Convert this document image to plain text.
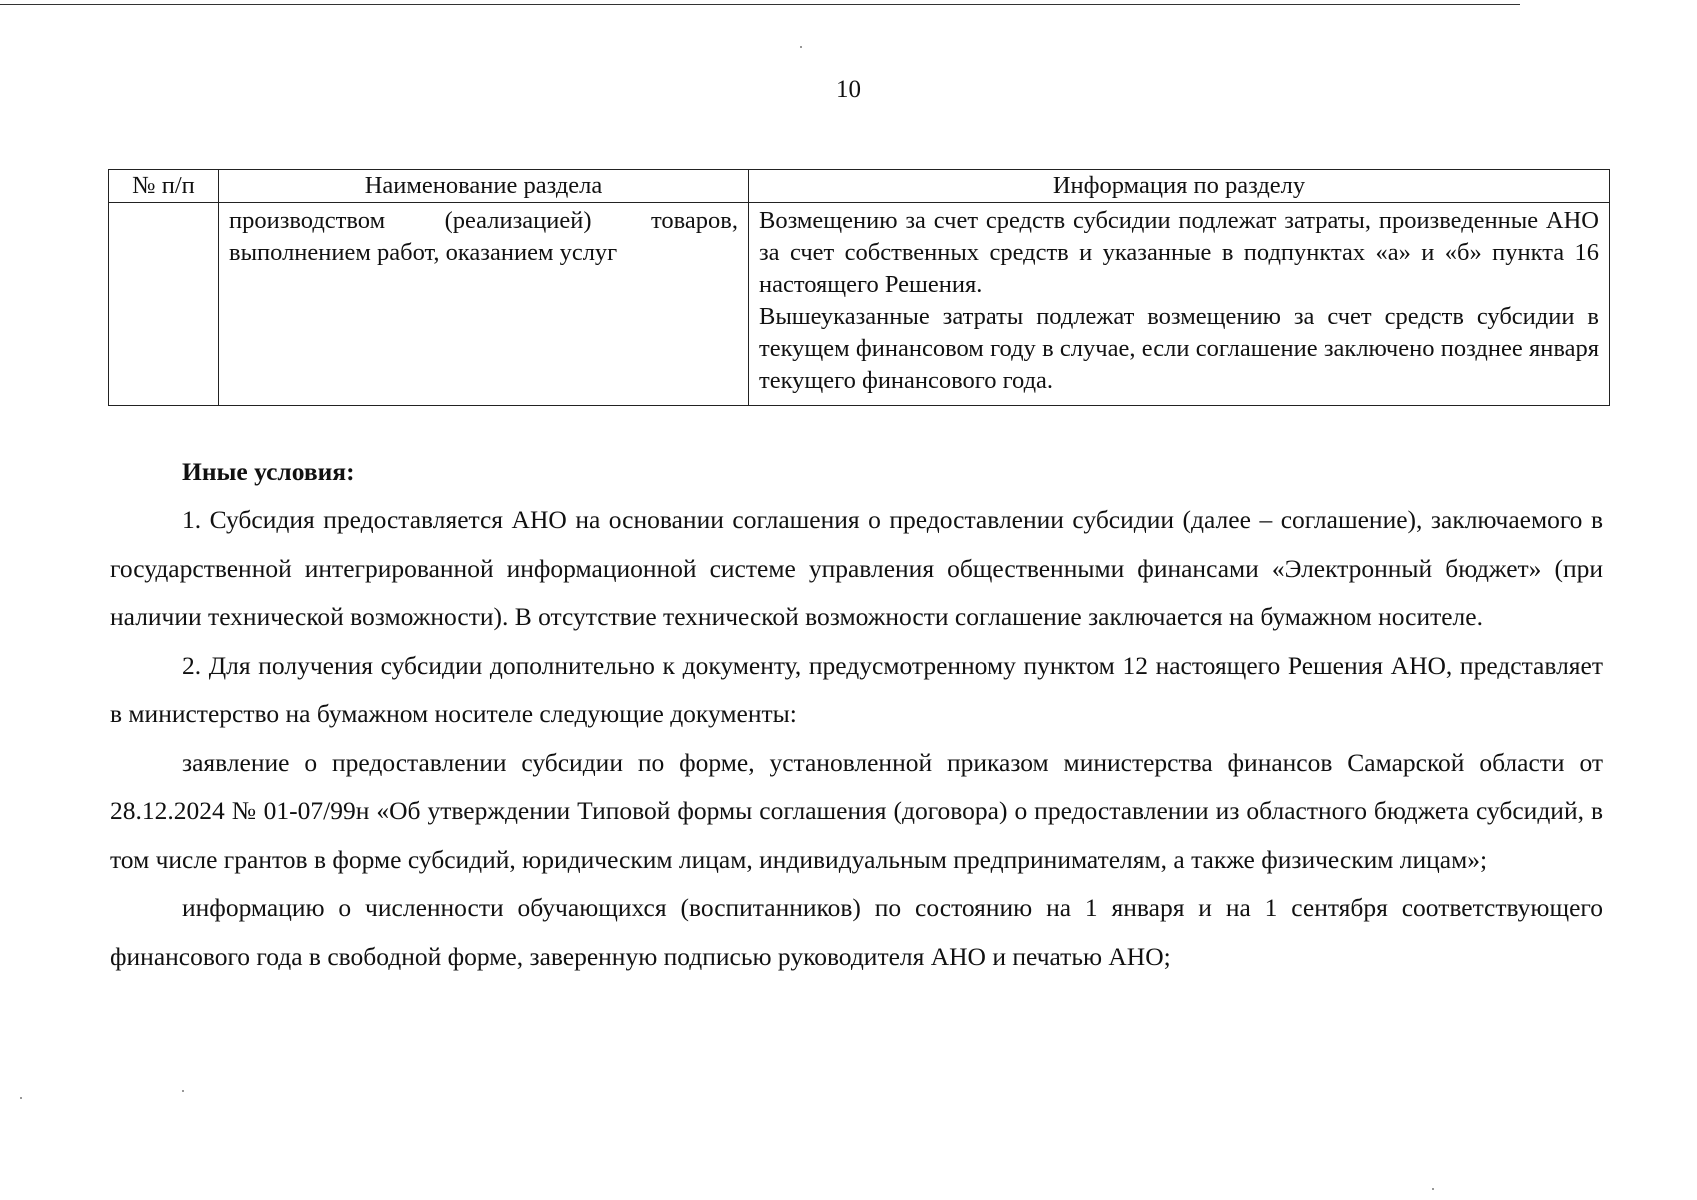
10
№ п/п	Наименование раздела	Информация по разделу
	производством (реализацией) товаров, выполнением работ, оказанием услуг	Возмещению за счет средств субсидии подлежат затраты, произведенные АНО за счет собственных средств и указанные в подпунктах «а» и «б» пункта 16 настоящего Решения.

Вышеуказанные затраты подлежат возмещению за счет средств субсидии в текущем финансовом году в случае, если соглашение заключено позднее января текущего финансового года.

Иные условия:

1. Субсидия предоставляется АНО на основании соглашения о предоставлении субсидии (далее – соглашение), заключаемого в государственной интегрированной информационной системе управления общественными финансами «Электронный бюджет» (при наличии технической возможности). В отсутствие технической возможности соглашение заключается на бумажном носителе.

2. Для получения субсидии дополнительно к документу, предусмотренному пунктом 12 настоящего Решения АНО, представляет в министерство на бумажном носителе следующие документы:

заявление о предоставлении субсидии по форме, установленной приказом министерства финансов Самарской области от 28.12.2024 № 01-07/99н «Об утверждении Типовой формы соглашения (договора) о предоставлении из областного бюджета субсидий, в том числе грантов в форме субсидий, юридическим лицам, индивидуальным предпринимателям, а также физическим лицам»;

информацию о численности обучающихся (воспитанников) по состоянию на 1 января и на 1 сентября соответствующего финансового года в свободной форме, заверенную подписью руководителя АНО и печатью АНО;
